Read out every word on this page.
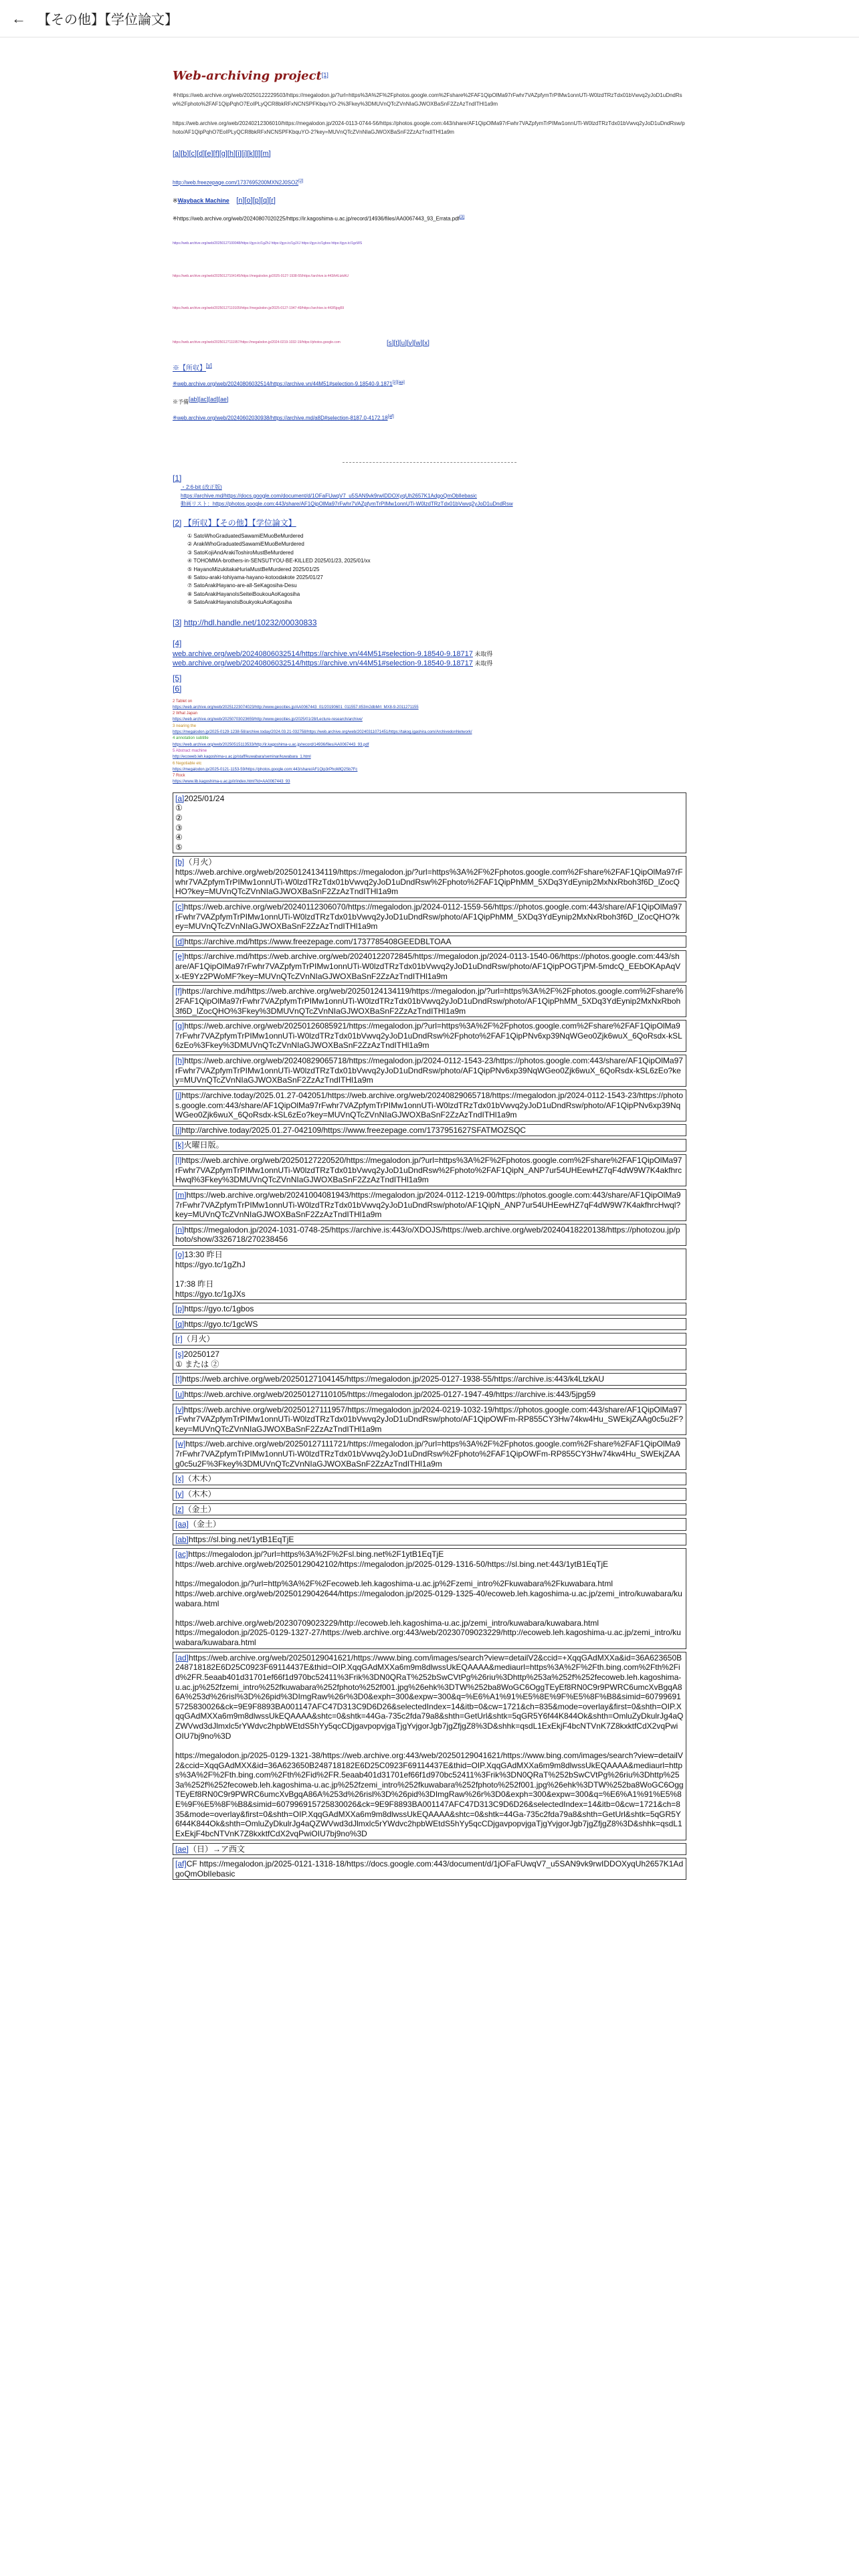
← 【その他】【学位論文】
Web-archiving project[1]
※https://web.archive.org/web/20250122229503/https://megalodon.jp/?url=https%3A%2F%2Fphotos.google.com%2Fshare%2FAF1QipOlMa97rFwhr7VAZpfymTrPIMw1onnUTi-W0lzdTRzTdx01bVwvq2yJoD1uDndRsw%2Fphoto%2FAF1QipPqhO7EoIPLyQCR8bkRFxNCNSPFKbquYO-2%3Fkey%3DMUVnQTcZVnNIaGJWOXBaSnF2ZzAzTndITHl1a9m
https://web.archive.org/web/20240212306010/https://megalodon.jp/2024-0113-0744-56/https://photos.google.com:443/share/AF1QipOlMa97rFwhr7VAZpfymTrPIMw1onnUTi-W0lzdTRzTdx01bVwvq2yJoD1uDndRsw/photo/AF1QipPqhO7EoIPLyQCR8bkRFxNCNSPFKbquYO-2?key=MUVnQTcZVnNIaGJWOXBaSnF2ZzAzTndITHl1a9m
[a][b][c][d][e][f][g][h][i][j][k][l][m]
http://web.freezepage.com/1737695200MXN2J0SOZ[2]
※Wayback Machine [n][o][p][q][r]
※https://web.archive.org/web/20240807020225/https://ir.kagoshima-u.ac.jp/record/14936/files/AA0067443_93_Errata.pdf[3]
https://web.archive.org/web/20250127100048/https://gyo.tc/1gZhJ https://gyo.tc/1gJXJ https://gyo.tc/1gbos https://gyo.tc/1gcWS
https://web.archive.org/web/20250127104145/https://megalodon.jp/2025-0127-1938-55/https://archive.is:443/k4LtzkAU
https://web.archive.org/web/20250127110105/https://megalodon.jp/2025-0127-1947-49/https://archive.is:443/5jpg59
https://web.archive.org/web/20250127111957/https://megalodon.jp/2024-0219-1032-19/https://photos.google.com	[s][t][u][v][w][x]
※【所収】[y]
※web.archive.org/web/20240806032514/https://archive.vn/44M51#selection-9.18540-9.1871[z][aa]
※予備[ab][ac][ad][ae]
※web.archive.org/web/20240602030938/https://archive.md/a8D#selection-8187.0-4172.18[af]
[1]
・2:6-bit (改正版)
https://archive.md/https://docs.google.com/document/d/1OFaFUwqV7_u5SAN9vk9rwIDDOXyqUh2657K1AdgoQmOblIebasic
動画リスト：https://photos.google.com:443/share/AF1QipOlMa97rFwhr7VAZpfymTrPIMw1onnUTi-W0lzdTRzTdx01bVwvq2yJoD1uDndRsw
[2] 【所収】【その他】【学位論文】
① SatoWhoGraduatedSawamiEMuoBeMurdered
② ArakiWhoGraduatedSawamiEMuoBeMurdered
③ SatoKojiAndArakiToshiroMustBeMurdered
④ TOHOMMA-brothers-in-SENSUTYOU-BE-KILLED 2025/01/23, 2025/01/xx
⑤ HayanoMizukitakaHuriaMustBeMurdered 2025/01/25
⑥ Satou-araki-tohiyama-hayano-kotoodakote 2025/01/27
⑦ SatoArakiHayano-are-all-SeKagosiha-Desu
⑧ SatoArakiHayanoIsSeiteiBoukouAoKagosiha
⑨ SatoArakiHayanoIsBoukyokuAoKagosiha
[3] http://hdl.handle.net/10232/00030833
[4]
web.archive.org/web/20240806032514/https://archive.vn/44M51#selection-9.18540-9.18717 未取得
web.archive.org/web/20240806032514/https://archive.vn/44M51#selection-9.18540-9.18717 未取得
[5]
[6]
2 Tablet on
https://web.archive.org/web/20251223074023/http://www.geocities.jp/AA0067443_01/20190601_011557.tt53m2dbMrt_MX8-9-2011271155
2 What Japan
https://web.archive.org/web/20250703023659/http://www.geocities.jp/2025/01/28/Lecture-research/archive/
3 nearing the
https://megalodon.jp/2025-0129-1238-58/archive.today/2024.03.21-032758/https://web.archive.org/web/20240311071451/https://takog.igashira.com/ArchivedonNetwork/
4 annotation subtitle
https://web.archive.org/web/20250515113533/http://ir.kagoshima-u.ac.jp/record/14936/files/AA0067443_93.pdf
5 Abstract machine
http://ecoweb.leh.kagoshima-u.ac.jp/staff/kuwabara/seminar/kuwabara_1.html
6 Negotiable etc
https://megalodon.jp/2025-0121-1153-59/https://photos.google.com:443/share/AF1Qip3rPhoMlQ2Sb7Fc
7 Rock
https://www.lib.kagoshima-u.ac.jp/ir/index.html?id=AA0067443_93
[a]2025/01/24
①
②
③
④
⑤
[b]（月火）
https://web.archive.org/web/20250124134119/https://megalodon.jp/?url=https%3A%2F%2Fphotos.google.com%2Fshare%2FAF1QipOlMa97rFwhr7VAZpfymTrPIMw1onnUTi-W0lzdTRzTdx01bVwvq2yJoD1uDndRsw%2Fphoto%2FAF1QipPhMM_5XDq3YdEynip2MxNxRboh3f6D_lZocQHO?key=MUVnQTcZVnNIaGJWOXBaSnF2ZzAzTndITHl1a9m
[c]https://web.archive.org/web/20240112306070/https://megalodon.jp/2024-0112-1559-56/https://photos.google.com:443/share/AF1QipOlMa97rFwhr7VAZpfymTrPIMw1onnUTi-W0lzdTRzTdx01bVwvq2yJoD1uDndRsw/photo/AF1QipPhMM_5XDq3YdEynip2MxNxRboh3f6D_lZocQHO?key=MUVnQTcZVnNIaGJWOXBaSnF2ZzAzTndITHl1a9m
[d]https://archive.md/https://www.freezepage.com/1737785408GEEDBLTOAA
[e]https://archive.md/https://web.archive.org/web/20240122072845/https://megalodon.jp/2024-0113-1540-06/https://photos.google.com:443/share/AF1QipOlMa97rFwhr7VAZpfymTrPIMw1onnUTi-W0lzdTRzTdx01bVwvq2yJoD1uDndRsw/photo/AF1QipPOGTjPM-5mdcQ_EEbOKApAqVx-tE9Yz2PWoMF?key=MUVnQTcZVnNIaGJWOXBaSnF2ZzAzTndITHl1a9m
[f]https://archive.md/https://web.archive.org/web/20250124134119/https://megalodon.jp/?url=https%3A%2F%2Fphotos.google.com%2Fshare%2FAF1QipOlMa97rFwhr7VAZpfymTrPIMw1onnUTi-W0lzdTRzTdx01bVwvq2yJoD1uDndRsw/photo/AF1QipPhMM_5XDq3YdEynip2MxNxRboh3f6D_lZocQHO%3Fkey%3DMUVnQTcZVnNIaGJWOXBaSnF2ZzAzTndITHl1a9m
[g]https://web.archive.org/web/20250126085921/https://megalodon.jp/?url=https%3A%2F%2Fphotos.google.com%2Fshare%2FAF1QipOlMa97rFwhr7VAZpfymTrPIMw1onnUTi-W0lzdTRzTdx01bVwvq2yJoD1uDndRsw%2Fphoto%2FAF1QipPNv6xp39NqWGeo0Zjk6wuX_6QoRsdx-kSL6zEo%3Fkey%3DMUVnQTcZVnNIaGJWOXBaSnF2ZzAzTndITHl1a9m
[h]https://web.archive.org/web/20240829065718/https://megalodon.jp/2024-0112-1543-23/https://photos.google.com:443/share/AF1QipOlMa97rFwhr7VAZpfymTrPIMw1onnUTi-W0lzdTRzTdx01bVwvq2yJoD1uDndRsw/photo/AF1QipPNv6xp39NqWGeo0Zjk6wuX_6QoRsdx-kSL6zEo?key=MUVnQTcZVnNIaGJWOXBaSnF2ZzAzTndITHl1a9m
[i]https://archive.today/2025.01.27-042051/https://web.archive.org/web/20240829065718/https://megalodon.jp/2024-0112-1543-23/https://photos.google.com:443/share/AF1QipOlMa97rFwhr7VAZpfymTrPIMw1onnUTi-W0lzdTRzTdx01bVwvq2yJoD1uDndRsw/photo/AF1QipPNv6xp39NqWGeo0Zjk6wuX_6QoRsdx-kSL6zEo?key=MUVnQTcZVnNIaGJWOXBaSnF2ZzAzTndITHl1a9m
[j]http://archive.today/2025.01.27-042109/https://www.freezepage.com/1737951627SFATMOZSQC
[k]火曜日版。
[l]https://web.archive.org/web/20250127220520/https://megalodon.jp/?url=https%3A%2F%2Fphotos.google.com%2Fshare%2FAF1QipOlMa97rFwhr7VAZpfymTrPIMw1onnUTi-W0lzdTRzTdx01bVwvq2yJoD1uDndRsw%2Fphoto%2FAF1QipN_ANP7ur54UHEewHZ7qF4dW9W7K4akfhrcHwql%3Fkey%3DMUVnQTcZVnNIaGJWOXBaSnF2ZzAzTndITHl1a9m
[m]https://web.archive.org/web/20241004081943/https://megalodon.jp/2024-0112-1219-00/https://photos.google.com:443/share/AF1QipOlMa97rFwhr7VAZpfymTrPIMw1onnUTi-W0lzdTRzTdx01bVwvq2yJoD1uDndRsw/photo/AF1QipN_ANP7ur54UHEewHZ7qF4dW9W7K4akfhrcHwql?key=MUVnQTcZVnNIaGJWOXBaSnF2ZzAzTndITHl1a9m
[n]https://megalodon.jp/2024-1031-0748-25/https://archive.is:443/o/XDOJS/https://web.archive.org/web/20240418220138/https://photozou.jp/photo/show/3326718/270238456
[o]13:30 昨日
https://gyo.tc/1gZhJ

17:38 昨日
https://gyo.tc/1gJXs
[p]https://gyo.tc/1gbos
[q]https://gyo.tc/1gcWS
[r]（月火）
[s]20250127
① または ②
[t]https://web.archive.org/web/20250127104145/https://megalodon.jp/2025-0127-1938-55/https://archive.is:443/k4LtzkAU
[u]https://web.archive.org/web/20250127110105/https://megalodon.jp/2025-0127-1947-49/https://archive.is:443/5jpg59
[v]https://web.archive.org/web/20250127111957/https://megalodon.jp/2024-0219-1032-19/https://photos.google.com:443/share/AF1QipOlMa97rFwhr7VAZpfymTrPIMw1onnUTi-W0lzdTRzTdx01bVwvq2yJoD1uDndRsw/photo/AF1QipOWFm-RP855CY3Hw74kw4Hu_SWEkjZAAg0c5u2F?key=MUVnQTcZVnNIaGJWOXBaSnF2ZzAzTndITHl1a9m
[w]https://web.archive.org/web/20250127111721/https://megalodon.jp/?url=https%3A%2F%2Fphotos.google.com%2Fshare%2FAF1QipOlMa97rFwhr7VAZpfymTrPIMw1onnUTi-W0lzdTRzTdx01bVwvq2yJoD1uDndRsw%2Fphoto%2FAF1QipOWFm-RP855CY3Hw74kw4Hu_SWEkjZAAg0c5u2F%3Fkey%3DMUVnQTcZVnNIaGJWOXBaSnF2ZzAzTndITHl1a9m
[x]（木木）
[y]（木木）
[z]（金土）
[aa]（金土）
[ab]https://sl.bing.net/1ytB1EqTjE
[ac]https://megalodon.jp/?url=https%3A%2F%2Fsl.bing.net%2F1ytB1EqTjE
https://web.archive.org/web/20250129042102/https://megalodon.jp/2025-0129-1316-50/https://sl.bing.net:443/1ytB1EqTjE

https://megalodon.jp/?url=http%3A%2F%2Fecoweb.leh.kagoshima-u.ac.jp%2Fzemi_intro%2Fkuwabara%2Fkuwabara.html
https://web.archive.org/web/20250129042644/https://megalodon.jp/2025-0129-1325-40/ecoweb.leh.kagoshima-u.ac.jp/zemi_intro/kuwabara/kuwabara.html

https://web.archive.org/web/20230709023229/http://ecoweb.leh.kagoshima-u.ac.jp/zemi_intro/kuwabara/kuwabara.html
https://megalodon.jp/2025-0129-1327-27/https://web.archive.org:443/web/20230709023229/http://ecoweb.leh.kagoshima-u.ac.jp/zemi_intro/kuwabara/kuwabara.html
[ad]https://web.archive.org/web/20250129041621/https://www.bing.com/images/search?view=detailV2&ccid=+XqqGAdMXXa&id=36A623650B248718182E6D25C0923F69114437E&thid=OIP.XqqGAdMXXa6m9m8dlwssUkEQAAAA&mediaurl=https%3A%2F%2Fth.bing.com%2Fth%2Fid%2FR.5eaab401d31701ef66f1d970bc52411%3Frik%3DN0QRaT%252bSwCVtPg%26riu%3Dhttp%253a%252f%252fecoweb.leh.kagoshima-u.ac.jp%252fzemi_intro%252fkuwabara%252fphoto%252f001.jpg%26ehk%3DTW%252ba8WoGC6OggTEyEf8RN0C9r9PWRC6umcXvBgqA86A%253d%26risl%3D%26pid%3DImgRaw%26r%3D0&exph=300&expw=300&q=%E6%A1%91%E5%8E%9F%E5%8F%B8&simid=607996915725830026&ck=9E9F8893BA001147AFC47D313C9D6D26&selectedIndex=14&itb=0&cw=1721&ch=835&mode=overlay&first=0&shth=OIP.XqqGAdMXXa6m9m8dlwssUkEQAAAA&shtc=0&shtk=44Ga-735c2fda79a8&shth=GetUrl&shtk=5qGR5Y6f44K844Ok&shth=OmluZyDkulrJg4aQZWVwd3dJlmxlc5rYWdvc2hpbWEtdS5hYy5qcCDjgavpopvjgaTjgYvjgorJgb7jgZfjgZ8%3D&shhk=qsdL1ExEkjF4bcNTVnK7Z8kxktfCdX2vqPwiOIU7bj9no%3D

https://megalodon.jp/2025-0129-1321-38/https://web.archive.org:443/web/20250129041621/https://www.bing.com/images/search?view=detailV2&ccid=XqqGAdMXX&id=36A623650B248718182E6D25C0923F69114437E&thid=OIP.XqqGAdMXXa6m9m8dlwssUkEQAAAA&mediaurl=https%3A%2F%2Fth.bing.com%2Fth%2Fid%2FR.5eaab401d31701ef66f1d970bc52411%3Frik%3DN0QRaT%252bSwCVtPg%26riu%3Dhttp%253a%252f%252fecoweb.leh.kagoshima-u.ac.jp%252fzemi_intro%252fkuwabara%252fphoto%252f001.jpg%26ehk%3DTW%252ba8WoGC6OggTEyEf8RN0C9r9PWRC6umcXvBgqA86A%253d%26risl%3D%26pid%3DImgRaw%26r%3D0&exph=300&expw=300&q=%E6%A1%91%E5%8E%9F%E5%8F%B8&simid=607996915725830026&ck=9E9F8893BA001147AFC47D313C9D6D26&selectedIndex=14&itb=0&cw=1721&ch=835&mode=overlay&first=0&shth=OIP.XqqGAdMXXa6m9m8dlwssUkEQAAAA&shtc=0&shtk=44Ga-735c2fda79a8&shth=GetUrl&shtk=5qGR5Y6f44K844Ok&shth=OmluZyDkulrJg4aQZWVwd3dJlmxlc5rYWdvc2hpbWEtdS5hYy5qcCDjgavpopvjgaTjgYvjgorJgb7jgZfjgZ8%3D&shhk=qsdL1ExEkjF4bcNTVnK7Z8kxktfCdX2vqPwiOIU7bj9no%3D
[ae]（日）→ア西文
[af]CF https://megalodon.jp/2025-0121-1318-18/https://docs.google.com:443/document/d/1jOFaFUwqV7_u5SAN9vk9rwIDDOXyqUh2657K1AdgoQmOblIebasic
